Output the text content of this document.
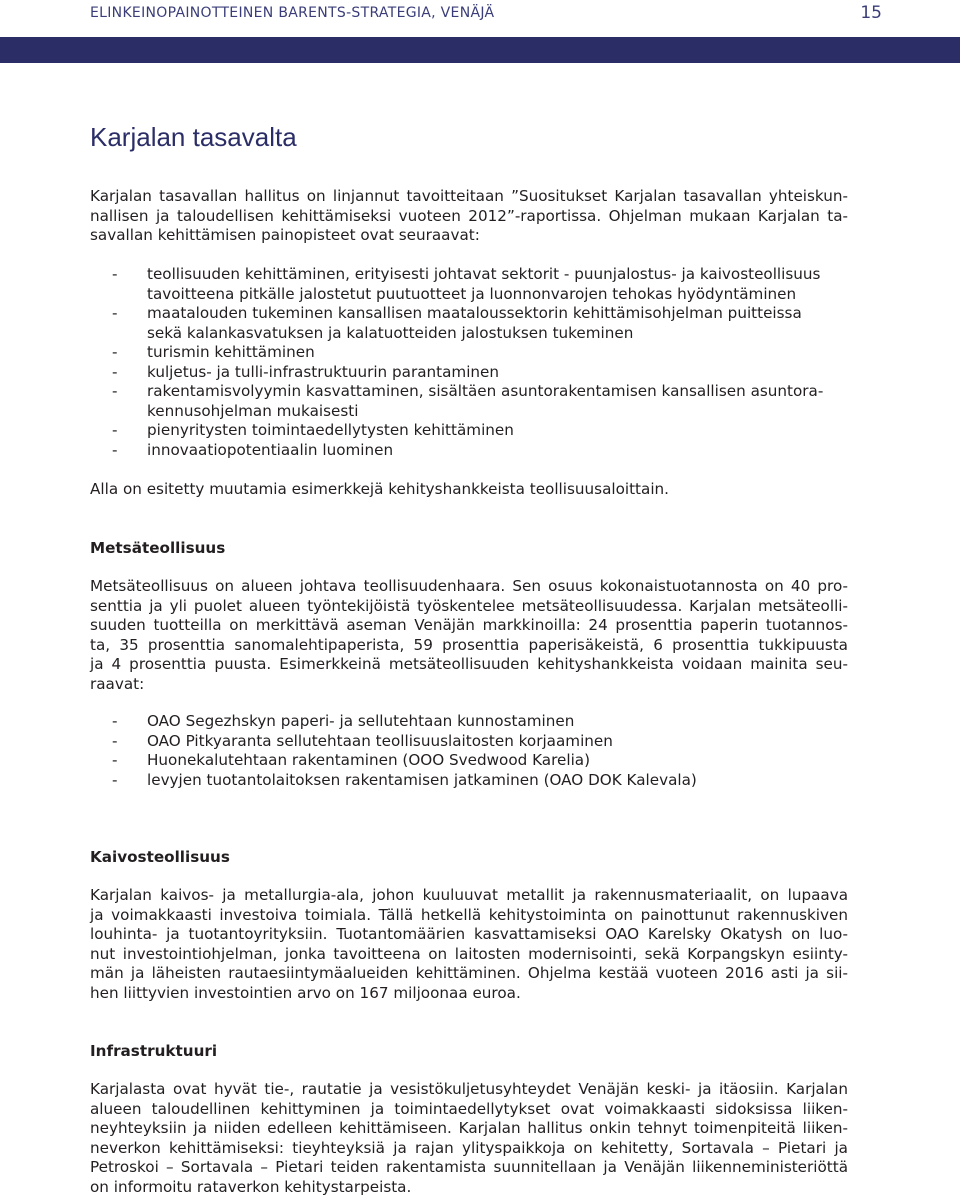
ELINKEINOPAINOTTEINEN BARENTS-STRATEGIA, VENÄJÄ	15
Karjalan tasavalta

Karjalan tasavallan hallitus on linjannut tavoitteitaan ”Suositukset Karjalan tasavallan yhteiskun-
nallisen ja taloudellisen kehittämiseksi vuoteen 2012”-raportissa. Ohjelman mukaan Karjalan ta-
savallan kehittämisen painopisteet ovat seuraavat:

- teollisuuden kehittäminen, erityisesti johtavat sektorit - puunjalostus- ja kaivosteollisuus
tavoitteena pitkälle jalostetut puutuotteet ja luonnonvarojen tehokas hyödyntäminen
- maatalouden tukeminen kansallisen maataloussektorin kehittämisohjelman puitteissa
sekä kalankasvatuksen ja kalatuotteiden jalostuksen tukeminen
- turismin kehittäminen
- kuljetus- ja tulli-infrastruktuurin parantaminen
- rakentamisvolyymin kasvattaminen, sisältäen asuntorakentamisen kansallisen asuntora-
kennusohjelman mukaisesti
- pienyritysten toimintaedellytysten kehittäminen
- innovaatiopotentiaalin luominen

Alla on esitetty muutamia esimerkkejä kehityshankkeista teollisuusaloittain.

Metsäteollisuus

Metsäteollisuus on alueen johtava teollisuudenhaara. Sen osuus kokonaistuotannosta on 40 pro-
senttia ja yli puolet alueen työntekijöistä työskentelee metsäteollisuudessa. Karjalan metsäteolli-
suuden tuotteilla on merkittävä aseman Venäjän markkinoilla: 24 prosenttia paperin tuotannos-
ta, 35 prosenttia sanomalehtipaperista, 59 prosenttia paperisäkeistä, 6 prosenttia tukkipuusta
ja 4 prosenttia puusta. Esimerkkeinä metsäteollisuuden kehityshankkeista voidaan mainita seu-
raavat:

- OAO Segezhskyn paperi- ja sellutehtaan kunnostaminen
- OAO Pitkyaranta sellutehtaan teollisuuslaitosten korjaaminen
- Huonekalutehtaan rakentaminen (OOO Svedwood Karelia)
- levyjen tuotantolaitoksen rakentamisen jatkaminen (OAO DOK Kalevala)
Kaivosteollisuus

Karjalan kaivos- ja metallurgia-ala, johon kuuluuvat metallit ja rakennusmateriaalit, on lupaava
ja voimakkaasti investoiva toimiala. Tällä hetkellä kehitystoiminta on painottunut rakennuskiven
louhinta- ja tuotantoyrityksiin. Tuotantomäärien kasvattamiseksi OAO Karelsky Okatysh on luo-
nut investointiohjelman, jonka tavoitteena on laitosten modernisointi, sekä Korpangskyn esiinty-
män ja läheisten rautaesiintymäalueiden kehittäminen. Ohjelma kestää vuoteen 2016 asti ja sii-
hen liittyvien investointien arvo on 167 miljoonaa euroa.

Infrastruktuuri

Karjalasta ovat hyvät tie-, rautatie ja vesistökuljetusyhteydet Venäjän keski- ja itäosiin. Karjalan
alueen taloudellinen kehittyminen ja toimintaedellytykset ovat voimakkaasti sidoksissa liiken-
neyhteyksiin ja niiden edelleen kehittämiseen. Karjalan hallitus onkin tehnyt toimenpiteitä liiken-
neverkon kehittämiseksi: tieyhteyksiä ja rajan ylityspaikkoja on kehitetty, Sortavala – Pietari ja
Petroskoi – Sortavala – Pietari teiden rakentamista suunnitellaan ja Venäjän liikenneministeriöttä
on informoitu rataverkon kehitystarpeista.
